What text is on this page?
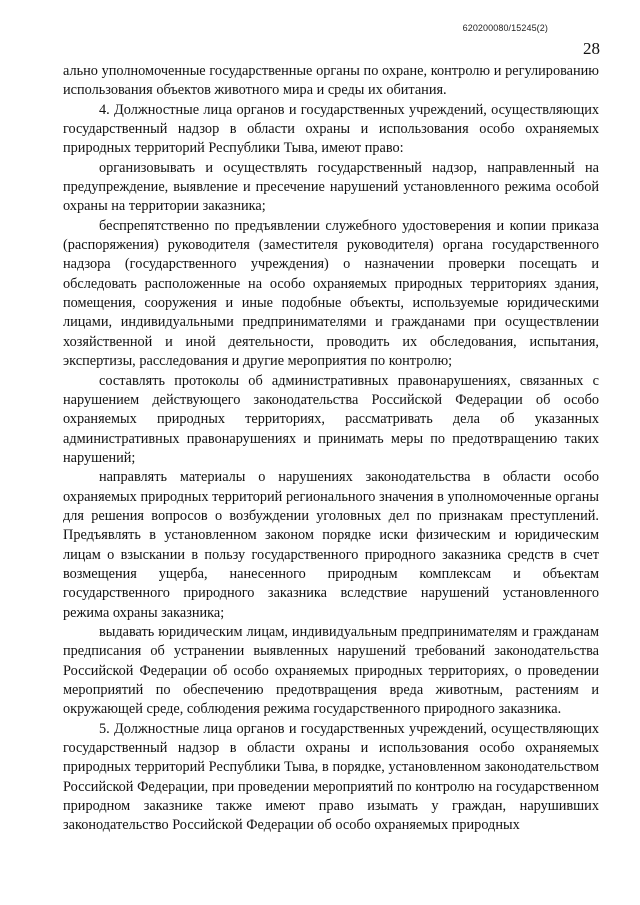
620200080/15245(2)
28

ально уполномоченные государственные органы по охране, контролю и регулированию использования объектов животного мира и среды их обитания.

4. Должностные лица органов и государственных учреждений, осуществляющих государственный надзор в области охраны и использования особо охраняемых природных территорий Республики Тыва, имеют право:

организовывать и осуществлять государственный надзор, направленный на предупреждение, выявление и пресечение нарушений установленного режима особой охраны на территории заказника;

беспрепятственно по предъявлении служебного удостоверения и копии приказа (распоряжения) руководителя (заместителя руководителя) органа государственного надзора (государственного учреждения) о назначении проверки посещать и обследовать расположенные на особо охраняемых природных территориях здания, помещения, сооружения и иные подобные объекты, используемые юридическими лицами, индивидуальными предпринимателями и гражданами при осуществлении хозяйственной и иной деятельности, проводить их обследования, испытания, экспертизы, расследования и другие мероприятия по контролю;

составлять протоколы об административных правонарушениях, связанных с нарушением действующего законодательства Российской Федерации об особо охраняемых природных территориях, рассматривать дела об указанных административных правонарушениях и принимать меры по предотвращению таких нарушений;

направлять материалы о нарушениях законодательства в области особо охраняемых природных территорий регионального значения в уполномоченные органы для решения вопросов о возбуждении уголовных дел по признакам преступлений. Предъявлять в установленном законом порядке иски физическим и юридическим лицам о взыскании в пользу государственного природного заказника средств в счет возмещения ущерба, нанесенного природным комплексам и объектам государственного природного заказника вследствие нарушений установленного режима охраны заказника;

выдавать юридическим лицам, индивидуальным предпринимателям и гражданам предписания об устранении выявленных нарушений требований законодательства Российской Федерации об особо охраняемых природных территориях, о проведении мероприятий по обеспечению предотвращения вреда животным, растениям и окружающей среде, соблюдения режима государственного природного заказника.

5. Должностные лица органов и государственных учреждений, осуществляющих государственный надзор в области охраны и использования особо охраняемых природных территорий Республики Тыва, в порядке, установленном законодательством Российской Федерации, при проведении мероприятий по контролю на государственном природном заказнике также имеют право изымать у граждан, нарушивших законодательство Российской Федерации об особо охраняемых природных
